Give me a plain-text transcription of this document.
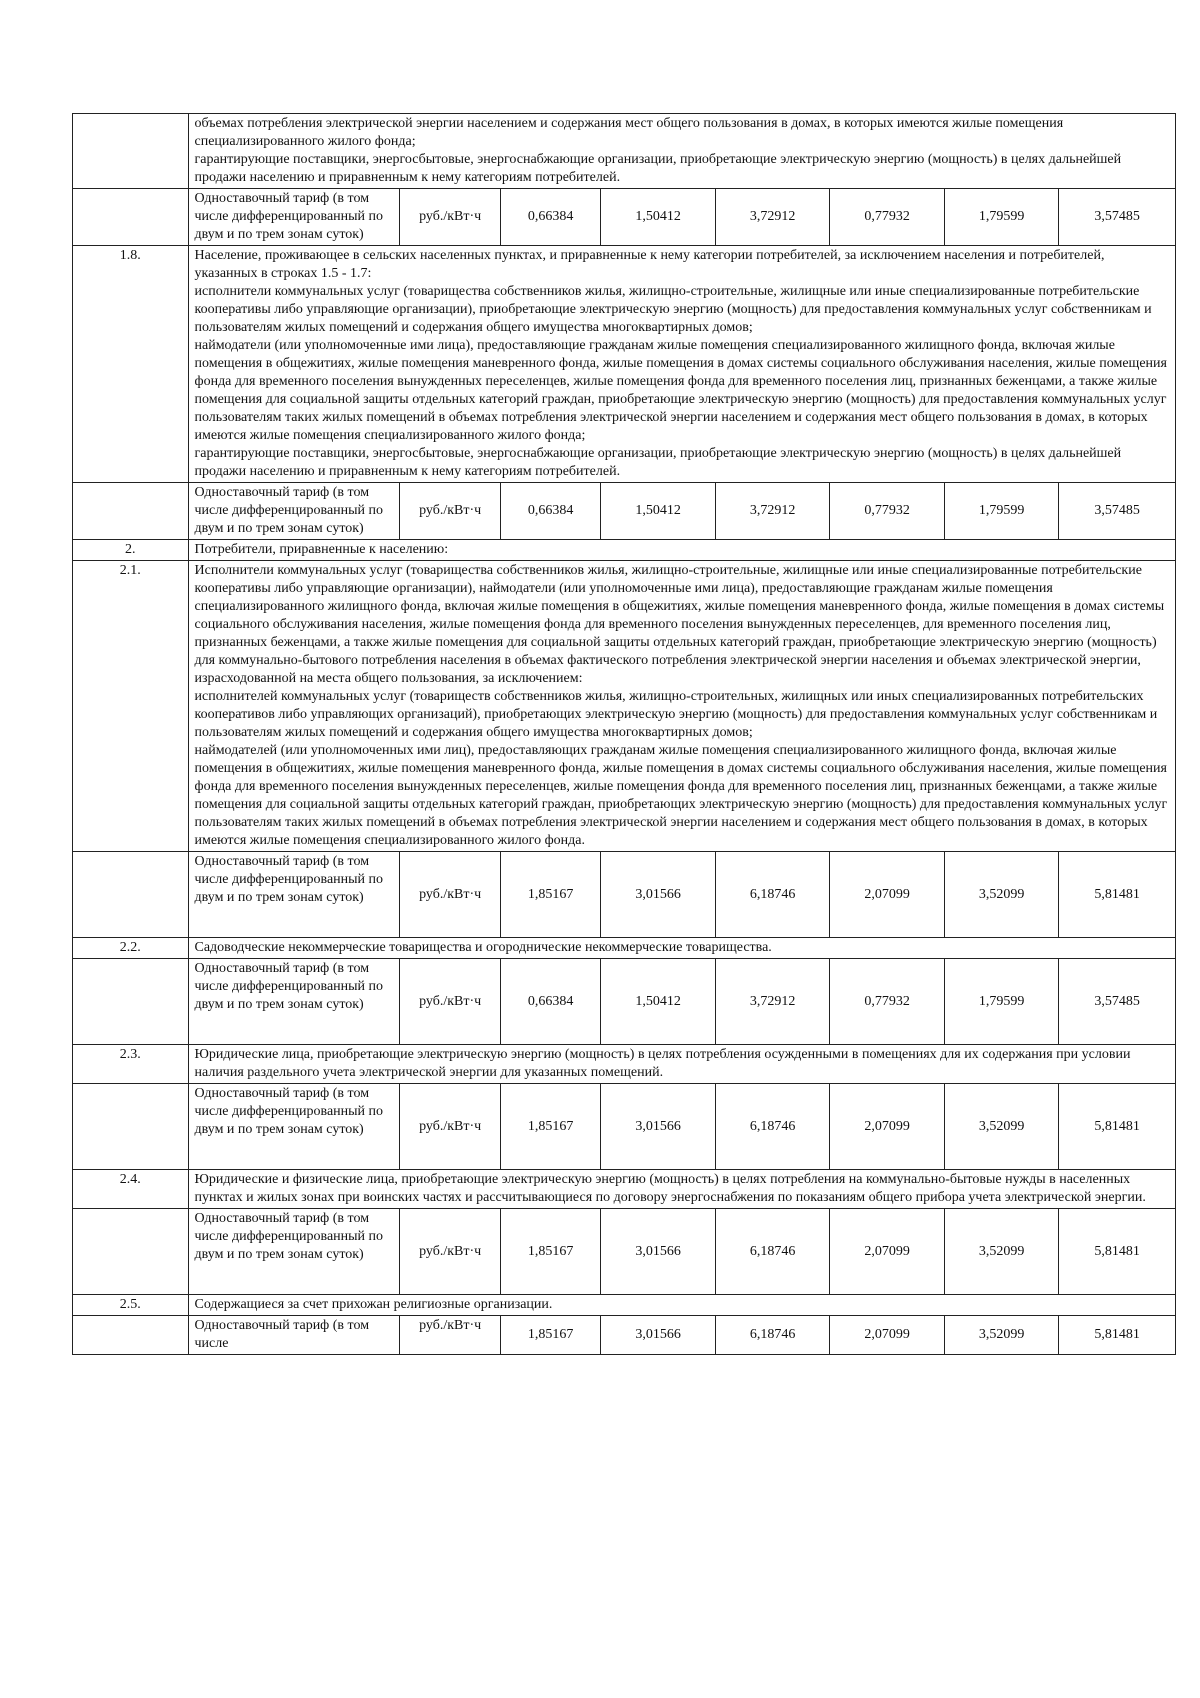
	объемах потребления электрической энергии населением и содержания мест общего пользования в домах, в которых имеются жилые помещения специализированного жилого фонда;
гарантирующие поставщики, энергосбытовые, энергоснабжающие организации, приобретающие электрическую энергию (мощность) в целях дальнейшей продажи населению и приравненным к нему категориям потребителей.							
	Одноставочный тариф (в том числе дифференцированный по двум и по трем зонам суток)	руб./кВт·ч	0,66384	1,50412	3,72912	0,77932	1,79599	3,57485
1.8.	Население, проживающее в сельских населенных пунктах, и приравненные к нему категории потребителей, за исключением населения и потребителей, указанных в строках 1.5 - 1.7:
исполнители коммунальных услуг (товарищества собственников жилья, жилищно-строительные, жилищные или иные специализированные потребительские кооперативы либо управляющие организации), приобретающие электрическую энергию (мощность) для предоставления коммунальных услуг собственникам и пользователям жилых помещений и содержания общего имущества многоквартирных домов;
наймодатели (или уполномоченные ими лица), предоставляющие гражданам жилые помещения специализированного жилищного фонда, включая жилые помещения в общежитиях, жилые помещения маневренного фонда, жилые помещения в домах системы социального обслуживания населения, жилые помещения фонда для временного поселения вынужденных переселенцев, жилые помещения фонда для временного поселения лиц, признанных беженцами, а также жилые помещения для социальной защиты отдельных категорий граждан, приобретающие электрическую энергию (мощность) для предоставления коммунальных услуг пользователям таких жилых помещений в объемах потребления электрической энергии населением и содержания мест общего пользования в домах, в которых имеются жилые помещения специализированного жилого фонда;
гарантирующие поставщики, энергосбытовые, энергоснабжающие организации, приобретающие электрическую энергию (мощность) в целях дальнейшей продажи населению и приравненным к нему категориям потребителей.							
	Одноставочный тариф (в том числе дифференцированный по двум и по трем зонам суток)	руб./кВт·ч	0,66384	1,50412	3,72912	0,77932	1,79599	3,57485
2.	Потребители, приравненные к населению:							
2.1.	Исполнители коммунальных услуг (товарищества собственников жилья, жилищно-строительные, жилищные или иные специализированные потребительские кооперативы либо управляющие организации), наймодатели (или уполномоченные ими лица), предоставляющие гражданам жилые помещения специализированного жилищного фонда, включая жилые помещения в общежитиях, жилые помещения маневренного фонда, жилые помещения в домах системы социального обслуживания населения, жилые помещения фонда для временного поселения вынужденных переселенцев, для временного поселения лиц, признанных беженцами, а также жилые помещения для социальной защиты отдельных категорий граждан, приобретающие электрическую энергию (мощность) для коммунально-бытового потребления населения в объемах фактического потребления электрической энергии населения и объемах электрической энергии, израсходованной на места общего пользования, за исключением:
исполнителей коммунальных услуг (товариществ собственников жилья, жилищно-строительных, жилищных или иных специализированных потребительских кооперативов либо управляющих организаций), приобретающих электрическую энергию (мощность) для предоставления коммунальных услуг собственникам и пользователям жилых помещений и содержания общего имущества многоквартирных домов;
наймодателей (или уполномоченных ими лиц), предоставляющих гражданам жилые помещения специализированного жилищного фонда, включая жилые помещения в общежитиях, жилые помещения маневренного фонда, жилые помещения в домах системы социального обслуживания населения, жилые помещения фонда для временного поселения вынужденных переселенцев, жилые помещения фонда для временного поселения лиц, признанных беженцами, а также жилые помещения для социальной защиты отдельных категорий граждан, приобретающих электрическую энергию (мощность) для предоставления коммунальных услуг пользователям таких жилых помещений в объемах потребления электрической энергии населением и содержания мест общего пользования в домах, в которых имеются жилые помещения специализированного жилого фонда.							
	Одноставочный тариф (в том числе дифференцированный по двум и по трем зонам суток)	руб./кВт·ч	1,85167	3,01566	6,18746	2,07099	3,52099	5,81481
2.2.	Садоводческие некоммерческие товарищества и огороднические некоммерческие товарищества.							
	Одноставочный тариф (в том числе дифференцированный по двум и по трем зонам суток)	руб./кВт·ч	0,66384	1,50412	3,72912	0,77932	1,79599	3,57485
2.3.	Юридические лица, приобретающие электрическую энергию (мощность) в целях потребления осужденными в помещениях для их содержания при условии наличия раздельного учета электрической энергии для указанных помещений.							
	Одноставочный тариф (в том числе дифференцированный по двум и по трем зонам суток)	руб./кВт·ч	1,85167	3,01566	6,18746	2,07099	3,52099	5,81481
2.4.	Юридические и физические лица, приобретающие электрическую энергию (мощность) в целях потребления на коммунально-бытовые нужды в населенных пунктах и жилых зонах при воинских частях и рассчитывающиеся по договору энергоснабжения по показаниям общего прибора учета электрической энергии.							
	Одноставочный тариф (в том числе дифференцированный по двум и по трем зонам суток)	руб./кВт·ч	1,85167	3,01566	6,18746	2,07099	3,52099	5,81481
2.5.	Содержащиеся за счет прихожан религиозные организации.							
	Одноставочный тариф (в том числе	руб./кВт·ч	1,85167	3,01566	6,18746	2,07099	3,52099	5,81481
